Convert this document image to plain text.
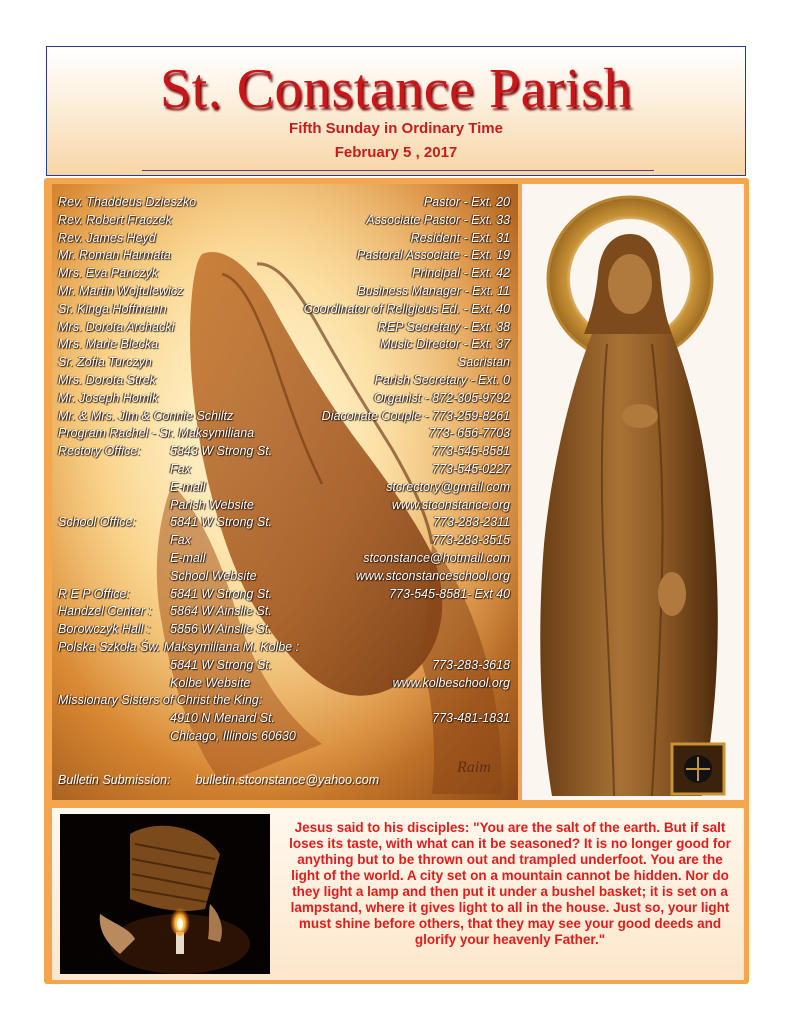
St. Constance Parish
Fifth Sunday in Ordinary Time
February 5 , 2017
Raim
Rev. Thaddeus Dzieszko	Pastor - Ext. 20
Rev. Robert Fraczek	Associate Pastor - Ext. 33
Rev. James Heyd	Resident - Ext. 31
Mr. Roman Harmata	Pastoral Associate - Ext. 19
Mrs. Eva Panczyk	Principal - Ext. 42
Mr. Martin Wojtulewicz	Business Manager - Ext. 11
Sr. Kinga Hoffmann	Coordinator of Religious Ed. - Ext. 40
Mrs. Dorota Archacki	REP Secretary - Ext. 38
Mrs. Marie Blecka	Music Director - Ext. 37
Sr. Zofia Turczyn	Sacristan
Mrs. Dorota Strek	Parish Secretary - Ext. 0
Mr. Joseph Homik	Organist - 872-305-9792
Mr. & Mrs. Jim & Connie Schiltz	Diaconate Couple - 773-259-8261
Program Rachel - Sr. Maksymiliana	773- 656-7703
Rectory Office: 5843 W Strong St.	773-545-8581
Fax	773-545-0227
E-mail	stcrectory@gmail.com
Parish Website	www.stconstance.org
School Office:	5841 W Strong St.	773-283-2311
Fax	773-283-3515
E-mail	stconstance@hotmail.com
School Website	www.stconstanceschool.org
R E P Office:	5841 W Strong St.	773-545-8581- Ext 40
Handzel Center : 5864 W Ainslie St.
Borowczyk Hall : 5856 W Ainslie St.
Polska Szkoła Św. Maksymiliana M. Kolbe :
5841 W Strong St.	773-283-3618
Kolbe Website	www.kolbeschool.org
Missionary Sisters of Christ the King:
4910 N Menard St.	773-481-1831
Chicago, Illinois 60630
Bulletin Submission: bulletin.stconstance@yahoo.com
Jesus said to his disciples: "You are the salt of the earth. But if salt loses its taste, with what can it be seasoned? It is no longer good for anything but to be thrown out and trampled underfoot. You are the light of the world. A city set on a mountain cannot be hidden. Nor do they light a lamp and then put it under a bushel basket; it is set on a lampstand, where it gives light to all in the house. Just so, your light must shine before others, that they may see your good deeds and glorify your heavenly Father."
